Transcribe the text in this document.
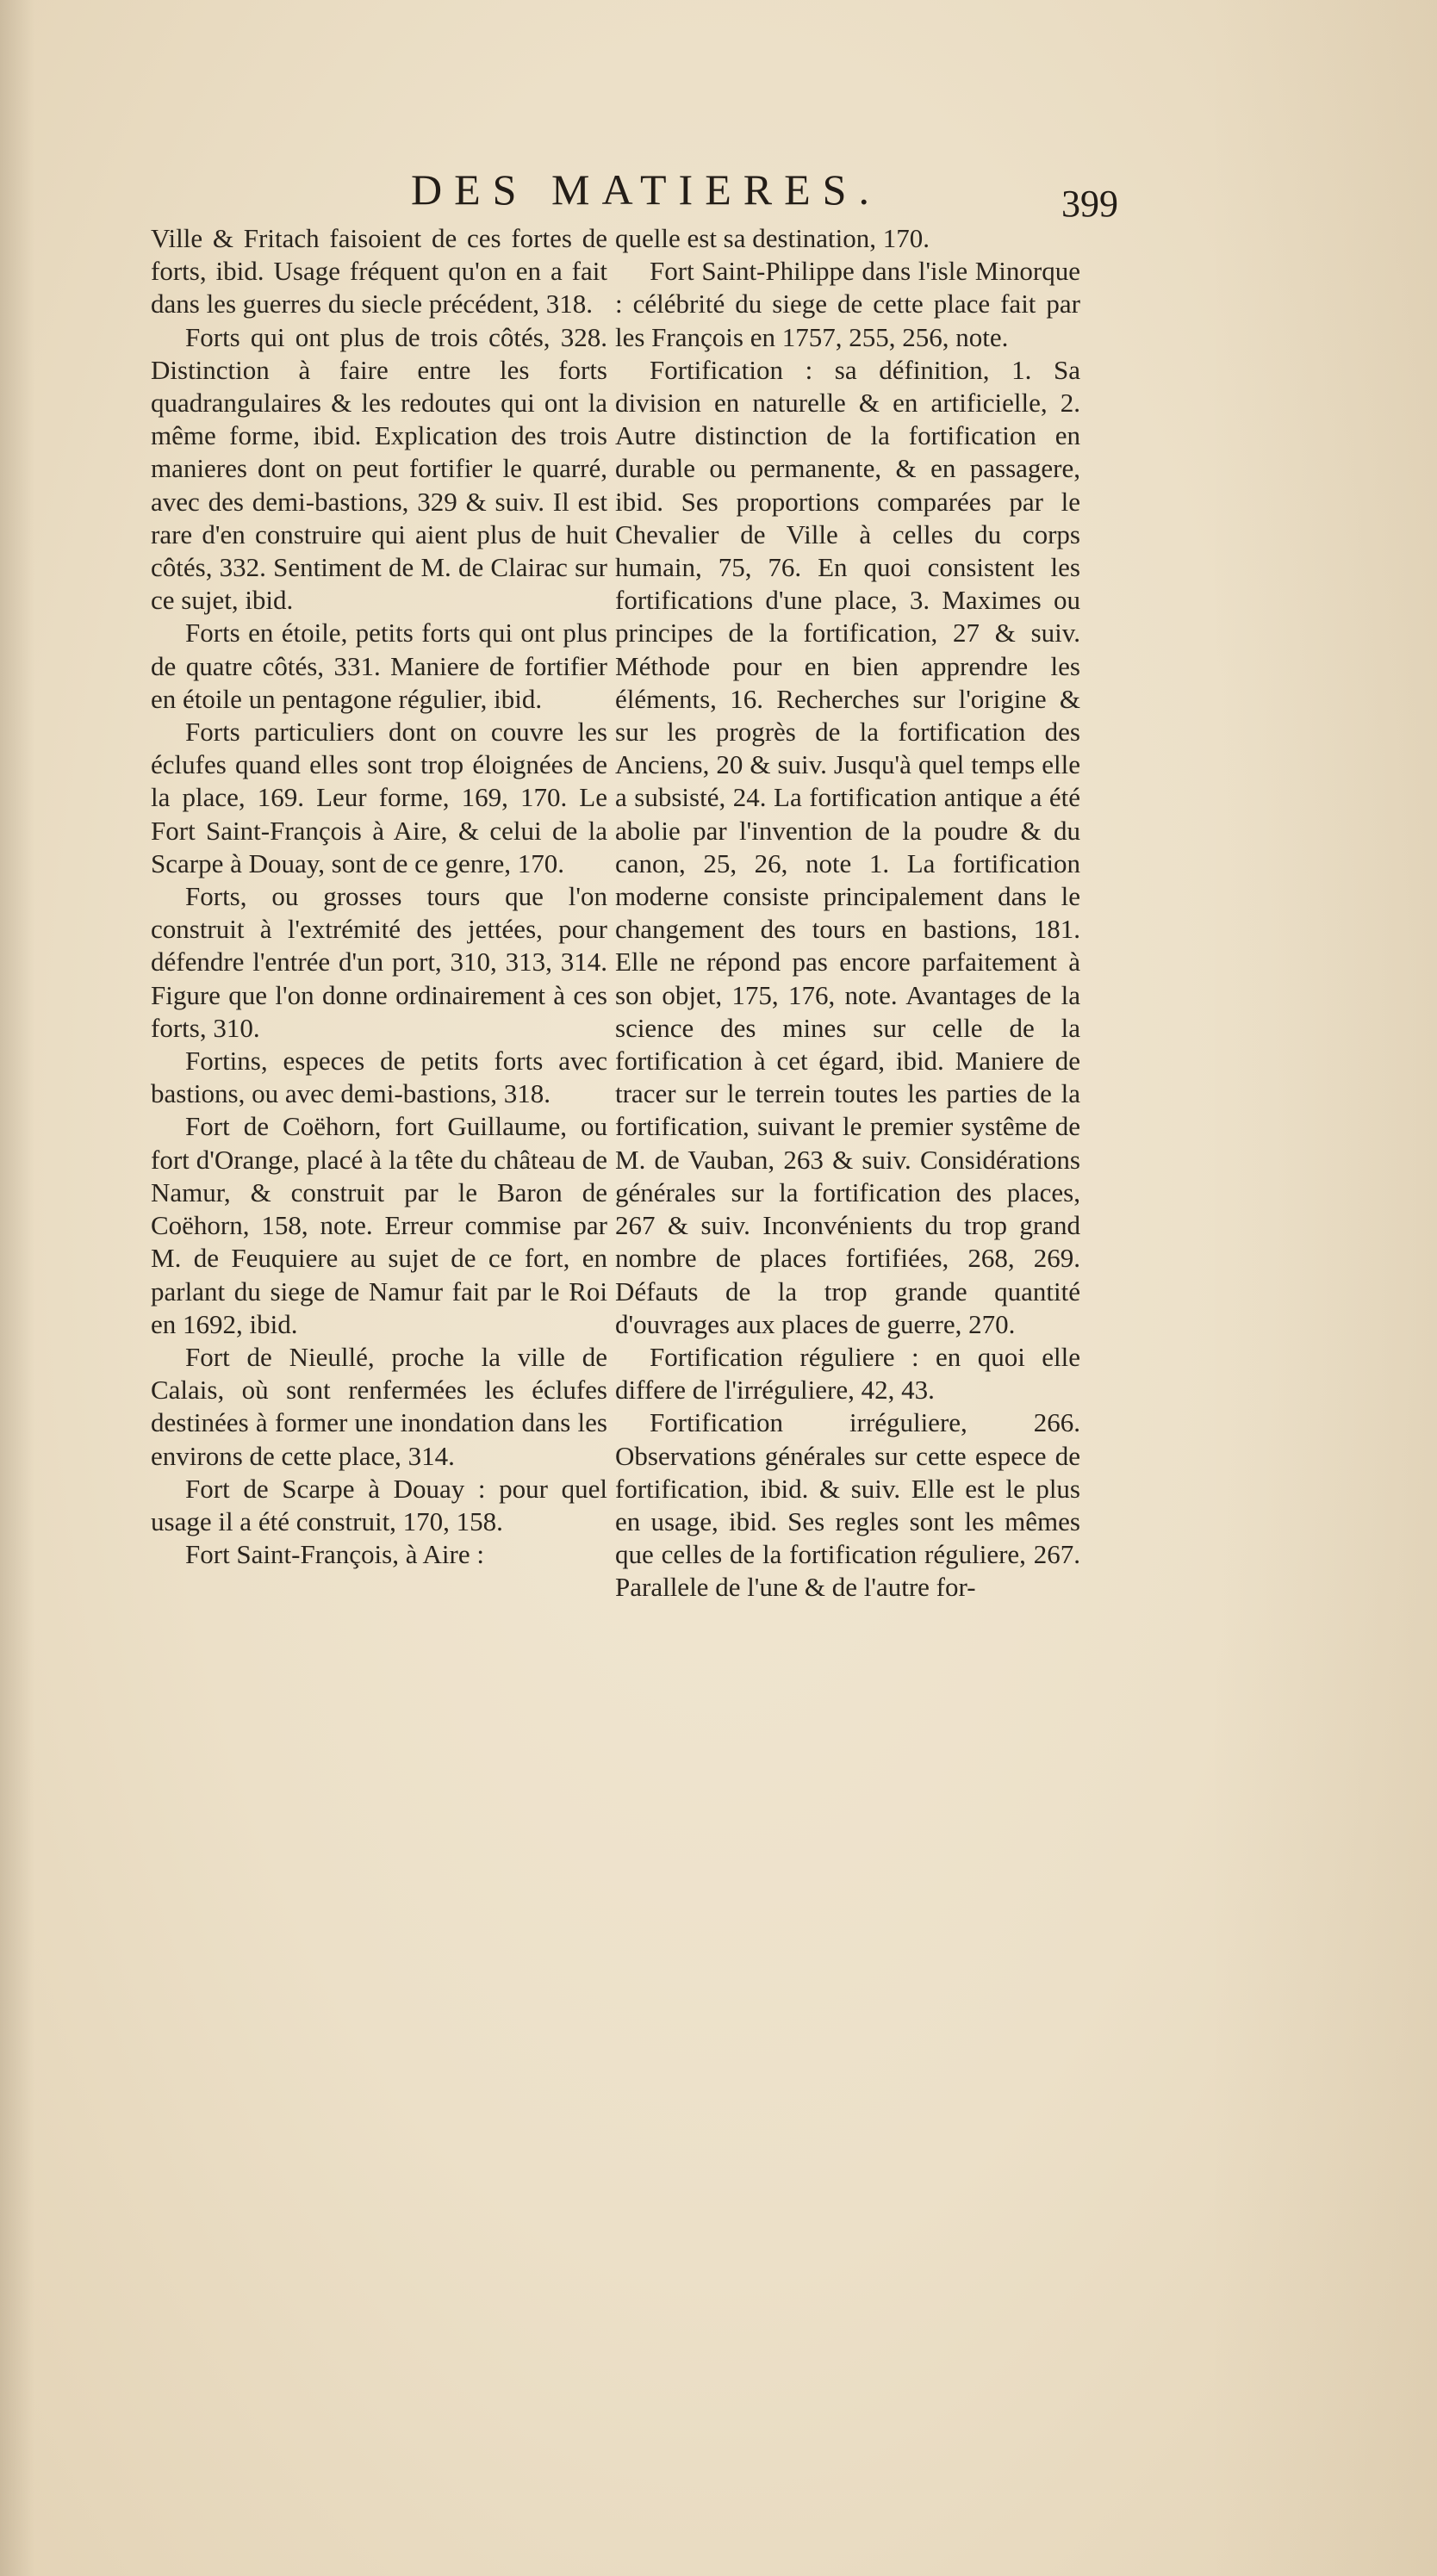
DES MATIERES.	399

Ville & Fritach faisoient de ces fortes de forts, ibid. Usage fréquent qu'on en a fait dans les guerres du siecle précédent, 318.

Forts qui ont plus de trois côtés, 328. Distinction à faire entre les forts quadrangulaires & les redoutes qui ont la même forme, ibid. Explication des trois manieres dont on peut fortifier le quarré, avec des demi-bastions, 329 & suiv. Il est rare d'en construire qui aient plus de huit côtés, 332. Sentiment de M. de Clairac sur ce sujet, ibid.

Forts en étoile, petits forts qui ont plus de quatre côtés, 331. Maniere de fortifier en étoile un pentagone régulier, ibid.

Forts particuliers dont on couvre les éclufes quand elles sont trop éloignées de la place, 169. Leur forme, 169, 170. Le Fort Saint-François à Aire, & celui de la Scarpe à Douay, sont de ce genre, 170.

Forts, ou grosses tours que l'on construit à l'extrémité des jettées, pour défendre l'entrée d'un port, 310, 313, 314. Figure que l'on donne ordinairement à ces forts, 310.

Fortins, especes de petits forts avec bastions, ou avec demi-bastions, 318.

Fort de Coëhorn, fort Guillaume, ou fort d'Orange, placé à la tête du château de Namur, & construit par le Baron de Coëhorn, 158, note. Erreur commise par M. de Feuquiere au sujet de ce fort, en parlant du siege de Namur fait par le Roi en 1692, ibid.

Fort de Nieullé, proche la ville de Calais, où sont renfermées les éclufes destinées à former une inondation dans les environs de cette place, 314.

Fort de Scarpe à Douay : pour quel usage il a été construit, 170, 158.

Fort Saint-François, à Aire :

quelle est sa destination, 170.

Fort Saint-Philippe dans l'isle Minorque : célébrité du siege de cette place fait par les François en 1757, 255, 256, note.

Fortification : sa définition, 1. Sa division en naturelle & en artificielle, 2. Autre distinction de la fortification en durable ou permanente, & en passagere, ibid. Ses proportions comparées par le Chevalier de Ville à celles du corps humain, 75, 76. En quoi consistent les fortifications d'une place, 3. Maximes ou principes de la fortification, 27 & suiv. Méthode pour en bien apprendre les éléments, 16. Recherches sur l'origine & sur les progrès de la fortification des Anciens, 20 & suiv. Jusqu'à quel temps elle a subsisté, 24. La fortification antique a été abolie par l'invention de la poudre & du canon, 25, 26, note 1. La fortification moderne consiste principalement dans le changement des tours en bastions, 181. Elle ne répond pas encore parfaitement à son objet, 175, 176, note. Avantages de la science des mines sur celle de la fortification à cet égard, ibid. Maniere de tracer sur le terrein toutes les parties de la fortification, suivant le premier systême de M. de Vauban, 263 & suiv. Considérations générales sur la fortification des places, 267 & suiv. Inconvénients du trop grand nombre de places fortifiées, 268, 269. Défauts de la trop grande quantité d'ouvrages aux places de guerre, 270.

Fortification réguliere : en quoi elle differe de l'irréguliere, 42, 43.

Fortification irréguliere, 266. Observations générales sur cette espece de fortification, ibid. & suiv. Elle est le plus en usage, ibid. Ses regles sont les mêmes que celles de la fortification réguliere, 267. Parallele de l'une & de l'autre for-
